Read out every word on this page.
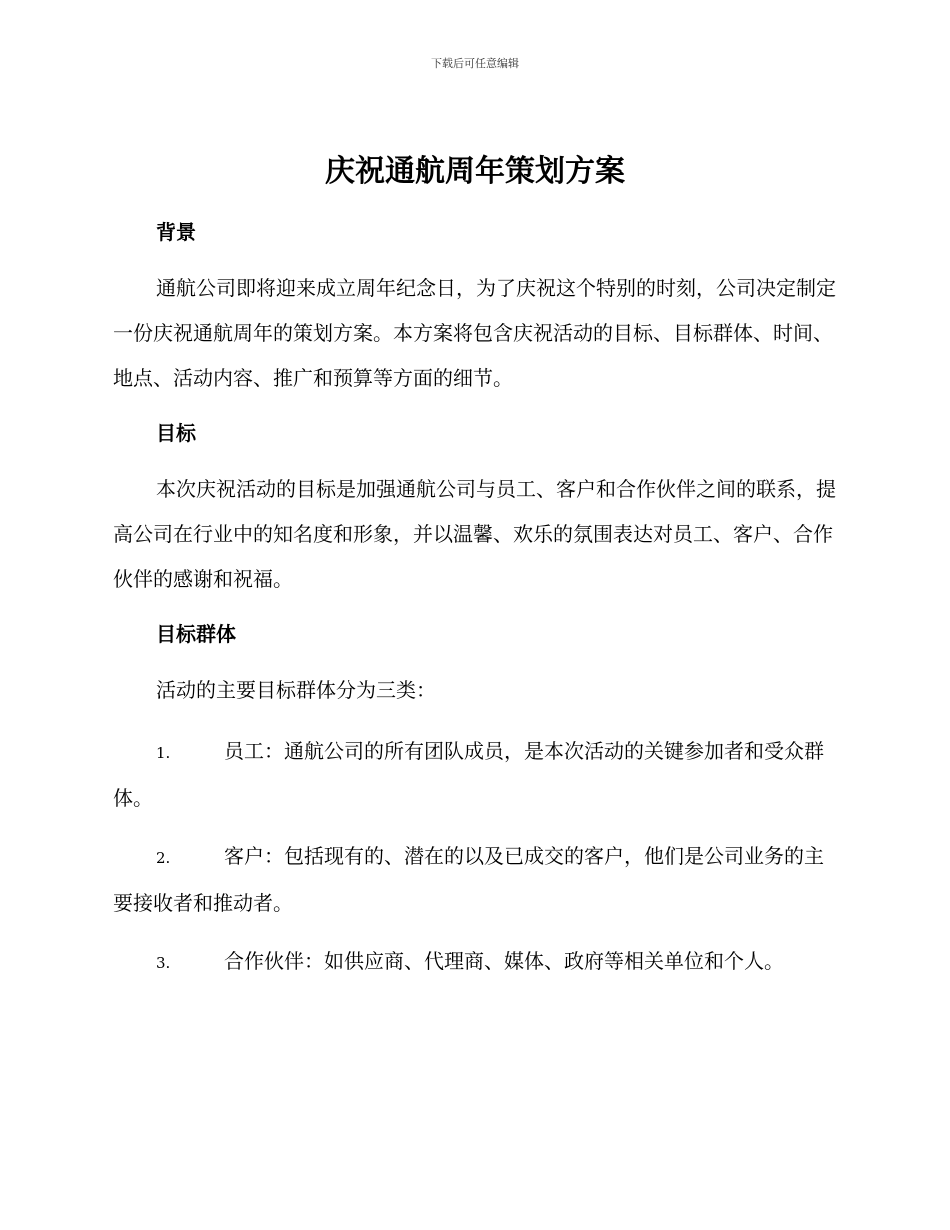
下载后可任意编辑

庆祝通航周年策划方案
背景

通航公司即将迎来成立周年纪念日，为了庆祝这个特别的时刻，公司决定制定一份庆祝通航周年的策划方案。本方案将包含庆祝活动的目标、目标群体、时间、地点、活动内容、推广和预算等方面的细节。

目标

本次庆祝活动的目标是加强通航公司与员工、客户和合作伙伴之间的联系，提高公司在行业中的知名度和形象，并以温馨、欢乐的氛围表达对员工、客户、合作伙伴的感谢和祝福。

目标群体

活动的主要目标群体分为三类：

1.	员工：通航公司的所有团队成员，是本次活动的关键参加者和受众群体。

2.	客户：包括现有的、潜在的以及已成交的客户，他们是公司业务的主要接收者和推动者。

3.	合作伙伴：如供应商、代理商、媒体、政府等相关单位和个人。
